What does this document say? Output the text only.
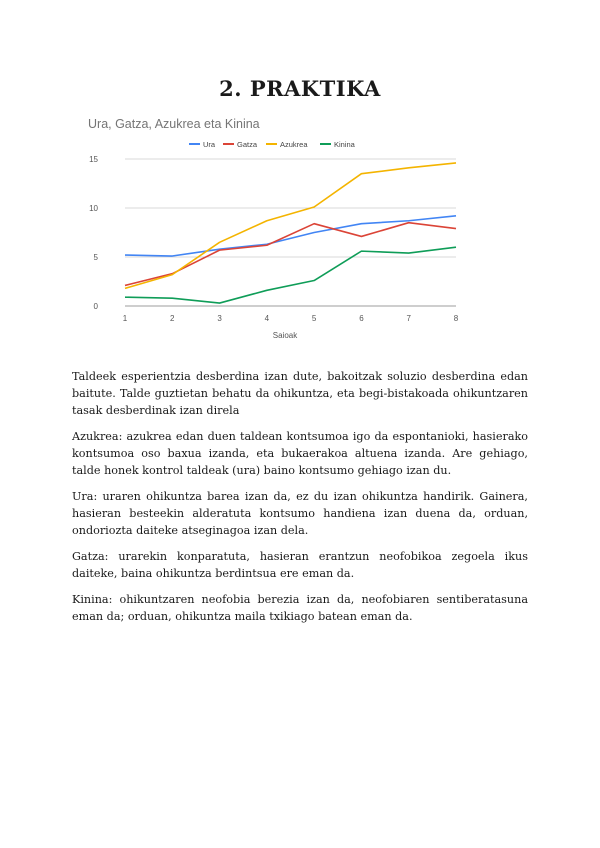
2. PRAKTIKA
Ura, Gatza, Azukrea eta Kinina
Ura	Gatza	Azukrea	Kinina
0
5
10
15
1	2	3	4	5	6	7	8
Saioak

Taldeek esperientzia desberdina izan dute, bakoitzak soluzio desberdina edan baitute. Talde guztietan behatu da ohikuntza, eta begi-bistakoada ohikuntzaren tasak desberdinak izan direla

Azukrea: azukrea edan duen taldean kontsumoa igo da espontanioki, hasierako kontsumoa oso baxua izanda, eta bukaerakoa altuena izanda. Are gehiago, talde honek kontrol taldeak (ura) baino kontsumo gehiago izan du.

Ura: uraren ohikuntza barea izan da, ez du izan ohikuntza handirik. Gainera, hasieran besteekin alderatuta kontsumo handiena izan duena da, orduan, ondoriozta daiteke atseginagoa izan dela.

Gatza: urarekin konparatuta, hasieran erantzun neofobikoa zegoela ikus daiteke, baina ohikuntza berdintsua ere eman da.

Kinina: ohikuntzaren neofobia berezia izan da, neofobiaren sentiberatasuna eman da; orduan, ohikuntza maila txikiago batean eman da.
